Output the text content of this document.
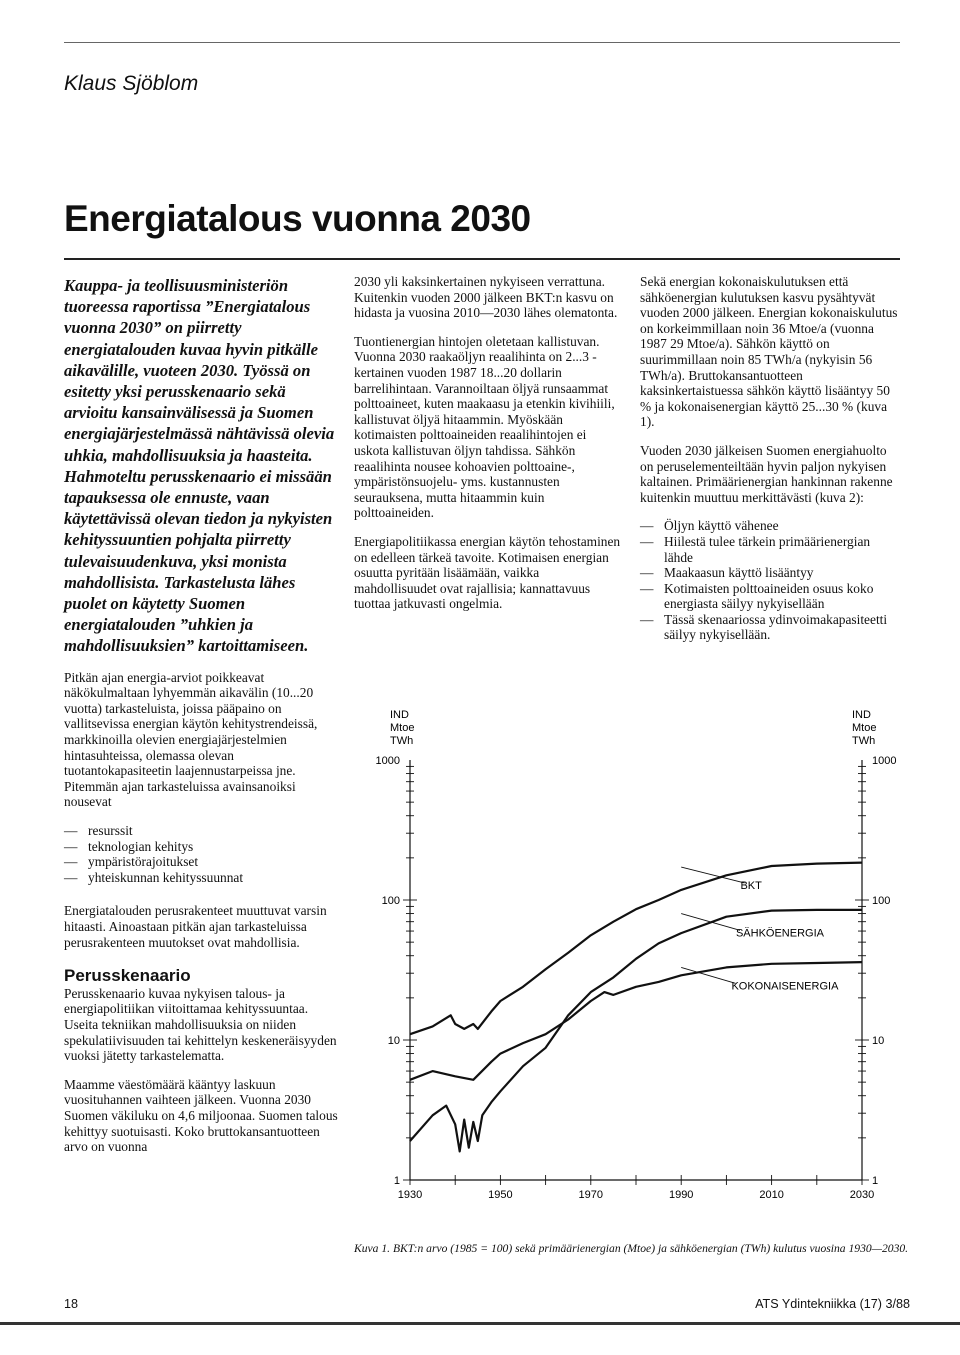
Klaus Sjöblom
Energiatalous vuonna 2030

Kauppa- ja teollisuusministeriön tuoreessa raportissa ”Energiatalous vuonna 2030” on piirretty energiatalouden kuvaa hyvin pitkälle aikavälille, vuoteen 2030. Työssä on esitetty yksi perusskenaario sekä arvioitu kansainvälisessä ja Suomen energiajärjestelmässä nähtävissä olevia uhkia, mahdollisuuksia ja haasteita. Hahmoteltu perusskenaario ei missään tapauksessa ole ennuste, vaan käytettävissä olevan tiedon ja nykyisten kehityssuuntien pohjalta piirretty tulevaisuudenkuva, yksi monista mahdollisista. Tarkastelusta lähes puolet on käytetty Suomen energiatalouden ”uhkien ja mahdollisuuksien” kartoittamiseen.

Pitkän ajan energia-arviot poikkeavat näkökulmaltaan lyhyemmän aikavälin (10...20 vuotta) tarkasteluista, joissa pääpaino on vallitsevissa energian käytön kehitystrendeissä, markkinoilla olevien energiajärjestelmien hintasuhteissa, olemassa olevan tuotantokapasiteetin laajennustarpeissa jne. Pitemmän ajan tarkasteluissa avainsanoiksi nousevat

— resurssit
— teknologian kehitys
— ympäristörajoitukset
— yhteiskunnan kehityssuunnat

Energiatalouden perusrakenteet muuttuvat varsin hitaasti. Ainoastaan pitkän ajan tarkasteluissa perusrakenteen muutokset ovat mahdollisia.

Perusskenaario

Perusskenaario kuvaa nykyisen talous- ja energiapolitiikan viitoittamaa kehityssuuntaa. Useita tekniikan mahdollisuuksia on niiden spekulatiivisuuden tai kehittelyn keskeneräisyyden vuoksi jätetty tarkastelematta.

Maamme väestömäärä kääntyy laskuun vuosituhannen vaihteen jälkeen. Vuonna 2030 Suomen väkiluku on 4,6 miljoonaa. Suomen talous kehittyy suotuisasti. Koko bruttokansantuotteen arvo on vuonna

2030 yli kaksinkertainen nykyiseen verrattuna. Kuitenkin vuoden 2000 jälkeen BKT:n kasvu on hidasta ja vuosina 2010—2030 lähes olematonta.

Tuontienergian hintojen oletetaan kallistuvan. Vuonna 2030 raakaöljyn reaalihinta on 2...3 -kertainen vuoden 1987 18...20 dollarin barrelihintaan. Varannoiltaan öljyä runsaammat polttoaineet, kuten maakaasu ja etenkin kivihiili, kallistuvat öljyä hitaammin. Myöskään kotimaisten polttoaineiden reaalihintojen ei uskota kallistuvan öljyn tahdissa. Sähkön reaalihinta nousee kohoavien polttoaine-, ympäristönsuojelu- yms. kustannusten seurauksena, mutta hitaammin kuin polttoaineiden.

Energiapolitiikassa energian käytön tehostaminen on edelleen tärkeä tavoite. Kotimaisen energian osuutta pyritään lisäämään, vaikka mahdollisuudet ovat rajallisia; kannattavuus tuottaa jatkuvasti ongelmia.

Sekä energian kokonaiskulutuksen että sähköenergian kulutuksen kasvu pysähtyvät vuoden 2000 jälkeen. Energian kokonaiskulutus on korkeimmillaan noin 36 Mtoe/a (vuonna 1987 29 Mtoe/a). Sähkön käyttö on suurimmillaan noin 85 TWh/a (nykyisin 56 TWh/a). Bruttokansantuotteen kaksinkertaistuessa sähkön käyttö lisääntyy 50 % ja kokonaisenergian käyttö 25...30 % (kuva 1).

Vuoden 2030 jälkeisen Suomen energiahuolto on peruselementeiltään hyvin paljon nykyisen kaltainen. Primäärienergian hankinnan rakenne kuitenkin muuttuu merkittävästi (kuva 2):

— Öljyn käyttö vähenee
— Hiilestä tulee tärkein primäärienergian lähde
— Maakaasun käyttö lisääntyy
— Kotimaisten polttoaineiden osuus koko energiasta säilyy nykyisellään
— Tässä skenaariossa ydinvoimakapasiteetti säilyy nykyisellään.
IND
Mtoe
TWh
IND
Mtoe
TWh
1000	1000
100	100
10	10
1	1
1930	1950	1970	1990	2010	2030
BKT
SÄHKÖENERGIA
KOKONAISENERGIA
Kuva 1. BKT:n arvo (1985 = 100) sekä primäärienergian (Mtoe) ja sähköenergian (TWh) kulutus vuosina 1930—2030.
18	ATS Ydintekniikka (17) 3/88
